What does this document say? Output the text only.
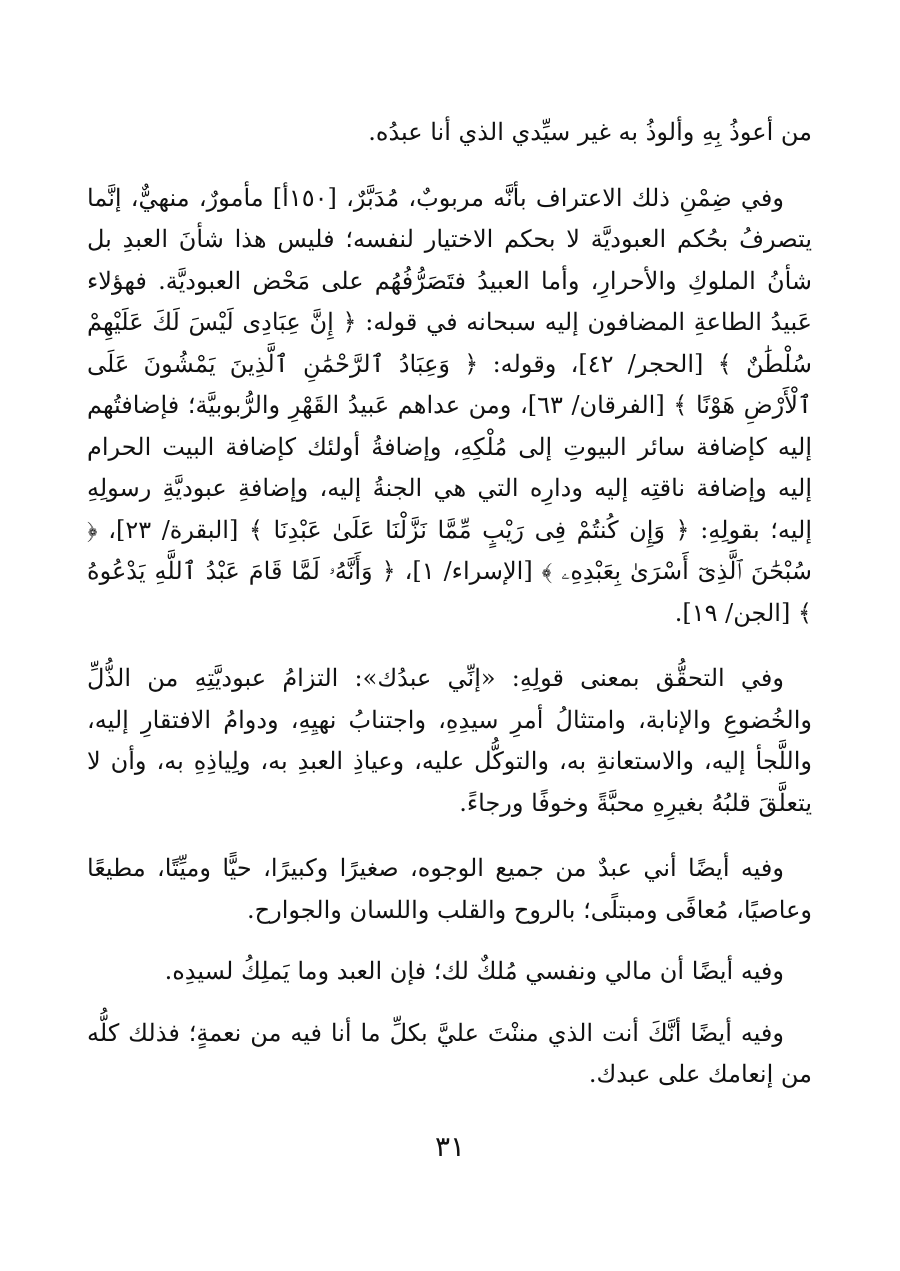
من أعوذُ بِهِ وألوذُ به غير سيِّدي الذي أنا عبدُه.

وفي ضِمْنِ ذلك الاعتراف بأنَّه مربوبٌ، مُدَبَّرٌ، [١٥٠أ] مأمورٌ، منهيٌّ، إنَّما يتصرفُ بحُكم العبوديَّة لا بحكم الاختيار لنفسه؛ فليس هذا شأنَ العبدِ بل شأنُ الملوكِ والأحرارِ، وأما العبيدُ فتَصَرُّفُهُم على مَحْض العبوديَّة. فهؤلاء عَبيدُ الطاعةِ المضافون إليه سبحانه في قوله: ﴿ إِنَّ عِبَادِى لَيْسَ لَكَ عَلَيْهِمْ سُلْطَٰنٌ ﴾ [الحجر/ ٤٢]، وقوله: ﴿ وَعِبَادُ ٱلرَّحْمَٰنِ ٱلَّذِينَ يَمْشُونَ عَلَى ٱلْأَرْضِ هَوْنًا ﴾ [الفرقان/ ٦٣]، ومن عداهم عَبيدُ القَهْرِ والرُّبوبيَّة؛ فإضافتُهم إليه كإضافة سائر البيوتِ إلى مُلْكِهِ، وإضافةُ أولئك كإضافة البيت الحرام إليه وإضافة ناقتِه إليه ودارِه التي هي الجنةُ إليه، وإضافةِ عبوديَّةِ رسولِهِ إليه؛ بقولِهِ: ﴿ وَإِن كُنتُمْ فِى رَيْبٍ مِّمَّا نَزَّلْنَا عَلَىٰ عَبْدِنَا ﴾ [البقرة/ ٢٣]، ﴿ سُبْحَٰنَ ٱلَّذِىٓ أَسْرَىٰ بِعَبْدِهِۦ ﴾ [الإسراء/ ١]، ﴿ وَأَنَّهُۥ لَمَّا قَامَ عَبْدُ ٱللَّهِ يَدْعُوهُ ﴾ [الجن/ ١٩].

وفي التحقُّق بمعنى قولِهِ: «إنِّي عبدُك»: التزامُ عبوديَّتِهِ من الذُّلِّ والخُضوعِ والإنابة، وامتثالُ أمرِ سيدِهِ، واجتنابُ نهيِهِ، ودوامُ الافتقارِ إليه، واللَّجأ إليه، والاستعانةِ به، والتوكُّل عليه، وعياذِ العبدِ به، ولِياذِهِ به، وأن لا يتعلَّقَ قلبُهُ بغيرِهِ محبَّةً وخوفًا ورجاءً.

وفيه أيضًا أني عبدٌ من جميع الوجوه، صغيرًا وكبيرًا، حيًّا وميِّتًا، مطيعًا وعاصيًا، مُعافًى ومبتلًى؛ بالروح والقلب واللسان والجوارح.

وفيه أيضًا أن مالي ونفسي مُلكٌ لك؛ فإن العبد وما يَملِكُ لسيدِه.

وفيه أيضًا أنَّكَ أنت الذي مننْتَ عليَّ بكلِّ ما أنا فيه من نعمةٍ؛ فذلك كلُّه من إنعامك على عبدك.

٣١
